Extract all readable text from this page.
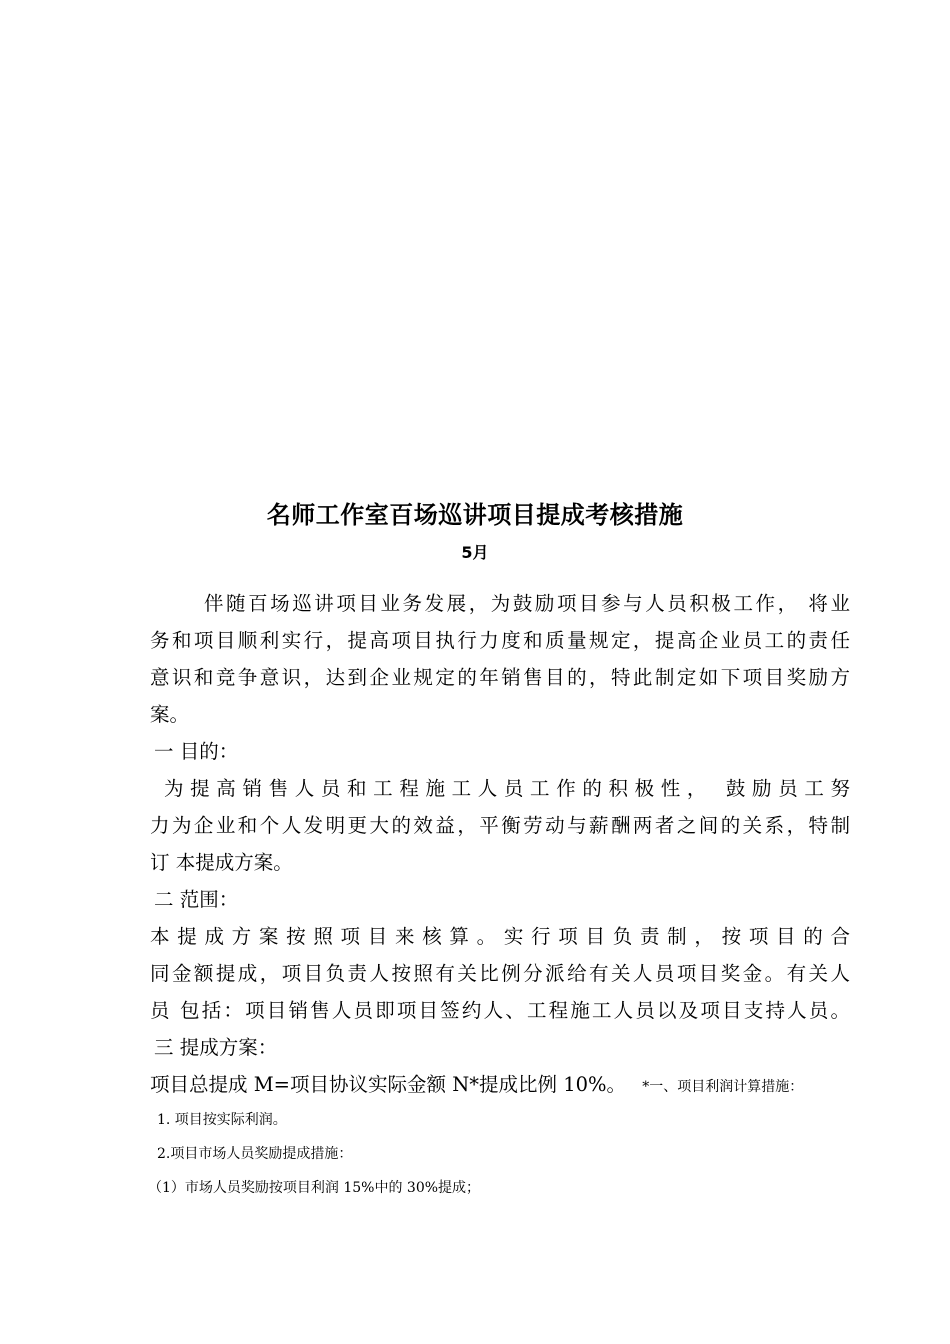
名师工作室百场巡讲项目提成考核措施
5月
伴随百场巡讲项目业务发展，为鼓励项目参与人员积极工作， 将业
务和项目顺利实行，提高项目执行力度和质量规定，提高企业员工的责任
意识和竞争意识，达到企业规定的年销售目的，特此制定如下项目奖励方
案。
一 目的：
为提高销售人员和工程施工人员工作的积极性， 鼓励员工努
力为企业和个人发明更大的效益，平衡劳动与薪酬两者之间的关系，特制
订 本提成方案。
二 范围：
本提成方案按照项目来核算。实行项目负责制，按项目的合
同金额提成，项目负责人按照有关比例分派给有关人员项目奖金。有关人
员 包括：项目销售人员即项目签约人、工程施工人员以及项目支持人员。
三 提成方案：
项目总提成 M=项目协议实际金额 N*提成比例 10%。 *一、项目利润计算措施：
1. 项目按实际利润。
2.项目市场人员奖励提成措施：
（1）市场人员奖励按项目利润 15%中的 30%提成；
